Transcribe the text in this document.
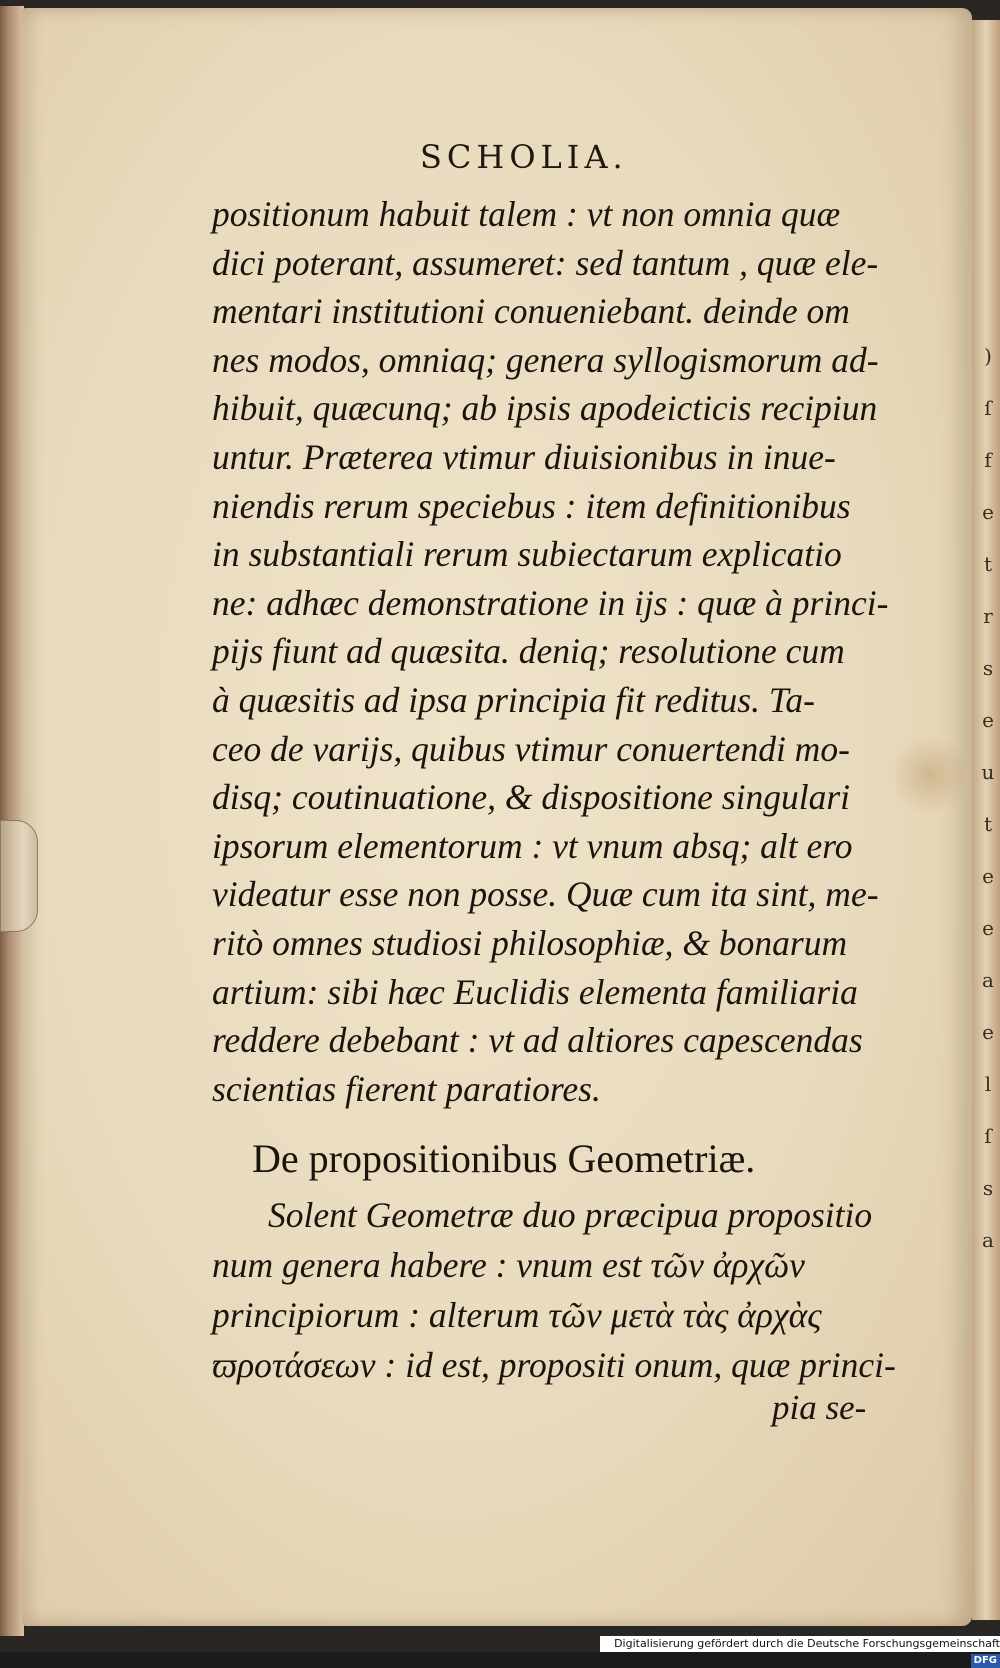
)
ſ
f
e
t
r
s
e
u
t
e
e
a
e
l
ſ
s
a
SCHOLIA.
positionum habuit talem : vt non omnia quæ
dici poterant, assumeret: sed tantum , quæ ele-
mentari institutioni conueniebant. deinde om
nes modos, omniaq; genera syllogismorum ad-
hibuit, quæcunq; ab ipsis apodeicticis recipiun
untur. Præterea vtimur diuisionibus in inue-
niendis rerum speciebus : item definitionibus
in substantiali rerum subiectarum explicatio
ne: adhæc demonstratione in ijs : quæ à princi-
pijs fiunt ad quæsita. deniq; resolutione cum
à quæsitis ad ipsa principia fit reditus. Ta-
ceo de varijs, quibus vtimur conuertendi mo-
disq; coutinuatione, & dispositione singulari
ipsorum elementorum : vt vnum absq; alt ero
videatur esse non posse. Quæ cum ita sint, me-
ritò omnes studiosi philosophiæ, & bonarum
artium: sibi hæc Euclidis elementa familiaria
reddere debebant : vt ad altiores capescendas
scientias fierent paratiores.
De propositionibus Geometriæ.
Solent Geometræ duo præcipua propositio
num genera habere : vnum est τῶν ἀρχῶν
principiorum : alterum τῶν μετὰ τὰς ἀρχὰς
ϖροτάσεων : id est, propositi onum, quæ princi-
pia se-
Digitalisierung gefördert durch die Deutsche ForschungsgemeinschaftDFG
